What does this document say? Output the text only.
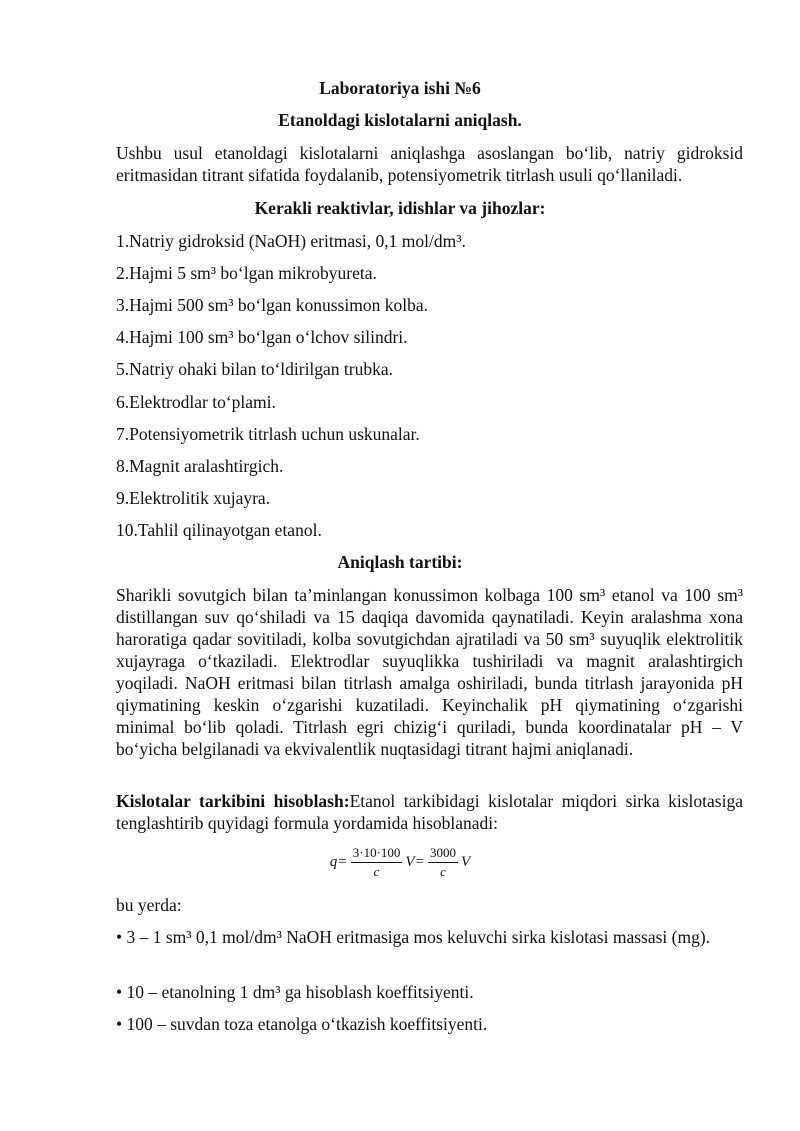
Laboratoriya ishi №6
Etanoldagi kislotalarni aniqlash.

Ushbu usul etanoldagi kislotalarni aniqlashga asoslangan bo‘lib, natriy gidroksid eritmasidan titrant sifatida foydalanib, potensiyometrik titrlash usuli qo‘llaniladi.

Kerakli reaktivlar, idishlar va jihozlar:
1.Natriy gidroksid (NaOH) eritmasi, 0,1 mol/dm³.
2.Hajmi 5 sm³ bo‘lgan mikrobyureta.
3.Hajmi 500 sm³ bo‘lgan konussimon kolba.
4.Hajmi 100 sm³ bo‘lgan o‘lchov silindri.
5.Natriy ohaki bilan to‘ldirilgan trubka.
6.Elektrodlar to‘plami.
7.Potensiyometrik titrlash uchun uskunalar.
8.Magnit aralashtirgich.
9.Elektrolitik xujayra.
10.Tahlil qilinayotgan etanol.
Aniqlash tartibi:

Sharikli sovutgich bilan ta’minlangan konussimon kolbaga 100 sm³ etanol va 100 sm³ distillangan suv qo‘shiladi va 15 daqiqa davomida qaynatiladi. Keyin aralashma xona haroratiga qadar sovitiladi, kolba sovutgichdan ajratiladi va 50 sm³ suyuqlik elektrolitik xujayraga o‘tkaziladi. Elektrodlar suyuqlikka tushiriladi va magnit aralashtirgich yoqiladi. NaOH eritmasi bilan titrlash amalga oshiriladi, bunda titrlash jarayonida pH qiymatining keskin o‘zgarishi kuzatiladi. Keyinchalik pH qiymatining o‘zgarishi minimal bo‘lib qoladi. Titrlash egri chizig‘i quriladi, bunda koordinatalar pH – V bo‘yicha belgilanadi va ekvivalentlik nuqtasidagi titrant hajmi aniqlanadi.

Kislotalar tarkibini hisoblash:Etanol tarkibidagi kislotalar miqdori sirka kislotasiga tenglashtirib quyidagi formula yordamida hisoblanadi:

$q = \frac{3\cdot 10\cdot 100}{c}$ $V = \frac{3000}{c}$ V
bu yerda:

• 3 – 1 sm³ 0,1 mol/dm³ NaOH eritmasiga mos keluvchi sirka kislotasi massasi (mg).

• 10 – etanolning 1 dm³ ga hisoblash koeffitsiyenti.
• 100 – suvdan toza etanolga o‘tkazish koeffitsiyenti.
